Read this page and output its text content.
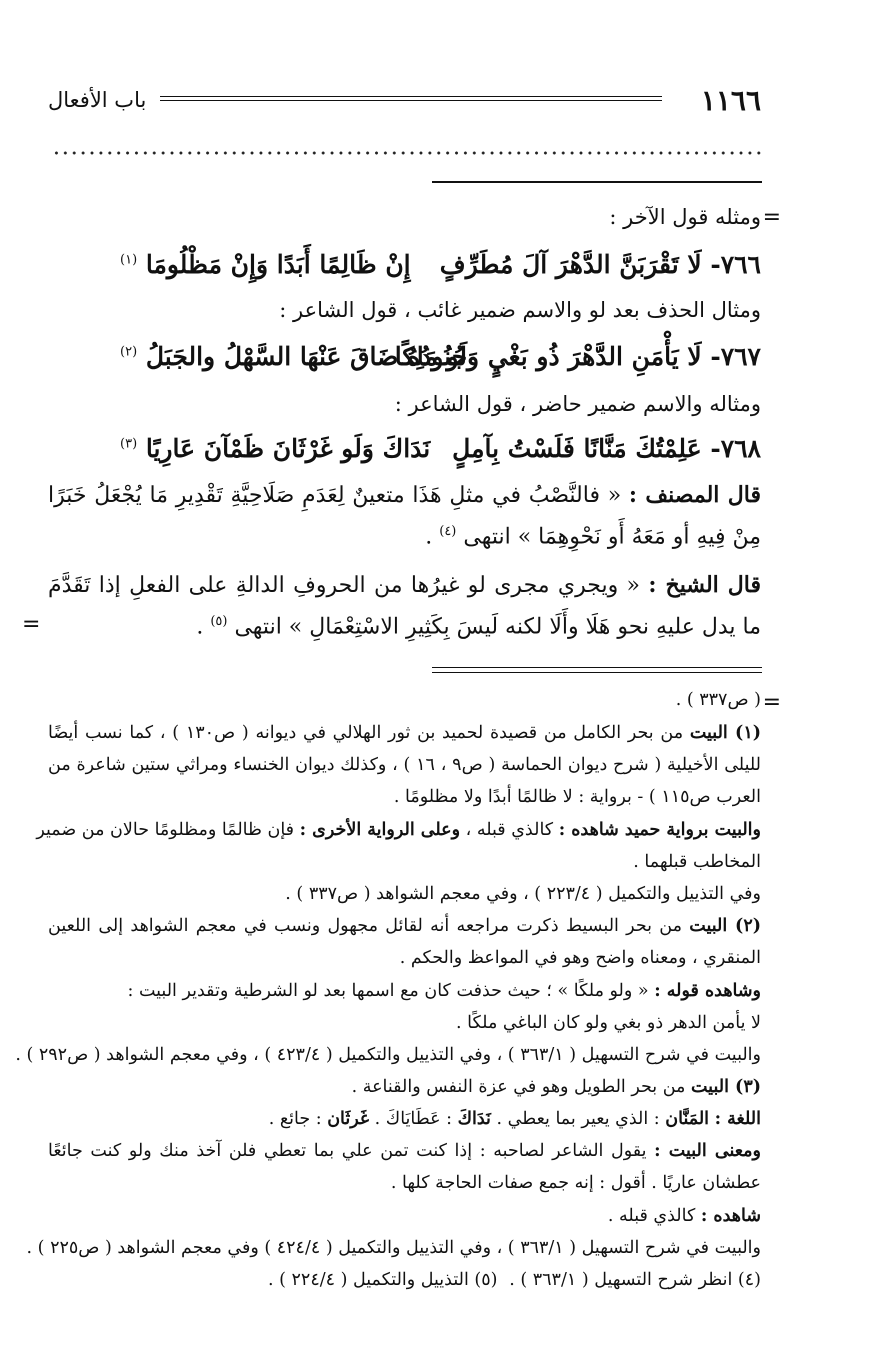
١١٦٦
باب الأفعال
=
=
=
ومثله قول الآخر :
٧٦٦- لَا تَقْرَبَنَّ الدَّهْرَ آلَ مُطَرِّفٍ
إِنْ ظَالِمًا أَبَدًا وَإِنْ مَظْلُومَا $^{(١)}$
ومثال الحذف بعد لو والاسم ضمير غائب ، قول الشاعر :
٧٦٧- لَا يَأْمَنِ الدَّهْرَ ذُو بَغْيٍ وَلَو مَلِكًا
جُنُودُهُ ضَاقَ عَنْهَا السَّهْلُ والجَبَلُ $^{(٢)}$
ومثاله والاسم ضمير حاضر ، قول الشاعر :
٧٦٨- عَلِمْتُكَ مَنَّانًا فَلَسْتُ بِآمِلٍ
نَدَاكَ وَلَو غَرْثَانَ ظَمْآنَ عَارِيًا $^{(٣)}$
قال المصنف : « فالنَّصْبُ في مثلِ هَذَا متعينٌ لِعَدَمِ صَلَاحِيَّةِ تَقْدِيرِ مَا يُجْعَلُ خَبَرًا
مِنْ فِيهِ أو مَعَهُ أَو نَحْوِهِمَا » انتهى $^{(٤)}$ .
قال الشيخ : « ويجري مجرى لو غيرُها من الحروفِ الدالةِ على الفعلِ إذا تَقَدَّمَ
ما يدل عليهِ نحو هَلَا وأَلَا لكنه لَيسَ بِكَثِيرِ الاسْتِعْمَالِ » انتهى $^{(٥)}$ .
( ص٣٣٧ ) .
(١) البيت من بحر الكامل من قصيدة لحميد بن ثور الهلالي في ديوانه ( ص١٣٠ ) ، كما نسب أيضًا
لليلى الأخيلية ( شرح ديوان الحماسة ( ص٩ ، ١٦ ) ، وكذلك ديوان الخنساء ومراثي ستين شاعرة من
العرب ص١١٥ ) - برواية : لا ظالمًا أبدًا ولا مظلومًا .
والبيت برواية حميد شاهده : كالذي قبله ، وعلى الرواية الأخرى : فإن ظالمًا ومظلومًا حالان من ضمير
المخاطب قبلهما .
وفي التذييل والتكميل ( ٢٢٣/٤ ) ، وفي معجم الشواهد ( ص٣٣٧ ) .
(٢) البيت من بحر البسيط ذكرت مراجعه أنه لقائل مجهول ونسب في معجم الشواهد إلى اللعين
المنقري ، ومعناه واضح وهو في المواعظ والحكم .
وشاهده قوله : « ولو ملكًا » ؛ حيث حذفت كان مع اسمها بعد لو الشرطية وتقدير البيت :
لا يأمن الدهر ذو بغي ولو كان الباغي ملكًا .
والبيت في شرح التسهيل ( ٣٦٣/١ ) ، وفي التذييل والتكميل ( ٤٢٣/٤ ) ، وفي معجم الشواهد ( ص٢٩٢ ) .
(٣) البيت من بحر الطويل وهو في عزة النفس والقناعة .
اللغة : المَنَّان : الذي يعير بما يعطي . نَدَاكَ : عَطَايَاكَ . غَرثَان : جائع .
ومعنى البيت : يقول الشاعر لصاحبه : إذا كنت تمن علي بما تعطي فلن آخذ منك ولو كنت جائعًا
عطشان عاريًا . أقول : إنه جمع صفات الحاجة كلها .
شاهده : كالذي قبله .
والبيت في شرح التسهيل ( ٣٦٣/١ ) ، وفي التذييل والتكميل ( ٤٢٤/٤ ) وفي معجم الشواهد ( ص٢٢٥ ) .
(٤) انظر شرح التسهيل ( ٣٦٣/١ ) .
(٥) التذييل والتكميل ( ٢٢٤/٤ ) .
